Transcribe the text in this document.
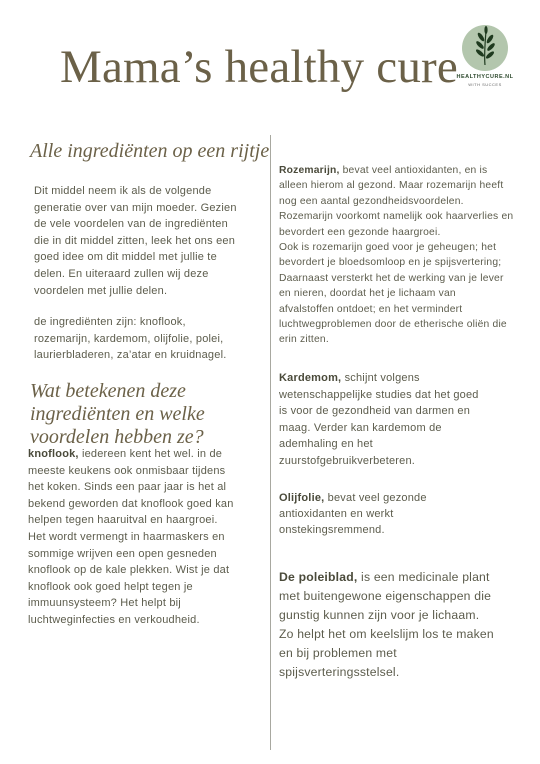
Mama’s healthy cure
HEALTHYCURE.NL
WITH SUCCES
Alle ingrediënten op een rijtje

Dit middel neem ik als de volgende
generatie over van mijn moeder. Gezien
de vele voordelen van de ingrediënten
die in dit middel zitten, leek het ons een
goed idee om dit middel met jullie te
delen. En uiteraard zullen wij deze
voordelen met jullie delen.

de ingrediënten zijn: knoflook,
rozemarijn, kardemom, olijfolie, polei,
laurierbladeren, za’atar en kruidnagel.

Wat betekenen deze ingrediënten en welke voordelen hebben ze?

knoflook, iedereen kent het wel. in de
meeste keukens ook onmisbaar tijdens
het koken. Sinds een paar jaar is het al
bekend geworden dat knoflook goed kan
helpen tegen haaruitval en haargroei.
Het wordt vermengt in haarmaskers en
sommige wrijven een open gesneden
knoflook op de kale plekken. Wist je dat
knoflook ook goed helpt tegen je
immuunsysteem? Het helpt bij
luchtweginfecties en verkoudheid.

Rozemarijn, bevat veel antioxidanten, en is
alleen hierom al gezond. Maar rozemarijn heeft
nog een aantal gezondheidsvoordelen.
Rozemarijn voorkomt namelijk ook haarverlies en
bevordert een gezonde haargroei.
Ook is rozemarijn goed voor je geheugen; het
bevordert je bloedsomloop en je spijsvertering;
Daarnaast versterkt het de werking van je lever
en nieren, doordat het je lichaam van
afvalstoffen ontdoet; en het vermindert
luchtwegproblemen door de etherische oliën die
erin zitten.

Kardemom, schijnt volgens
wetenschappelijke studies dat het goed
is voor de gezondheid van darmen en
maag. Verder kan kardemom de
ademhaling en het
zuurstofgebruikverbeteren.

Olijfolie, bevat veel gezonde
antioxidanten en werkt
onstekingsremmend.

De poleiblad, is een medicinale plant
met buitengewone eigenschappen die
gunstig kunnen zijn voor je lichaam.
Zo helpt het om keelslijm los te maken
en bij problemen met
spijsverteringsstelsel.
